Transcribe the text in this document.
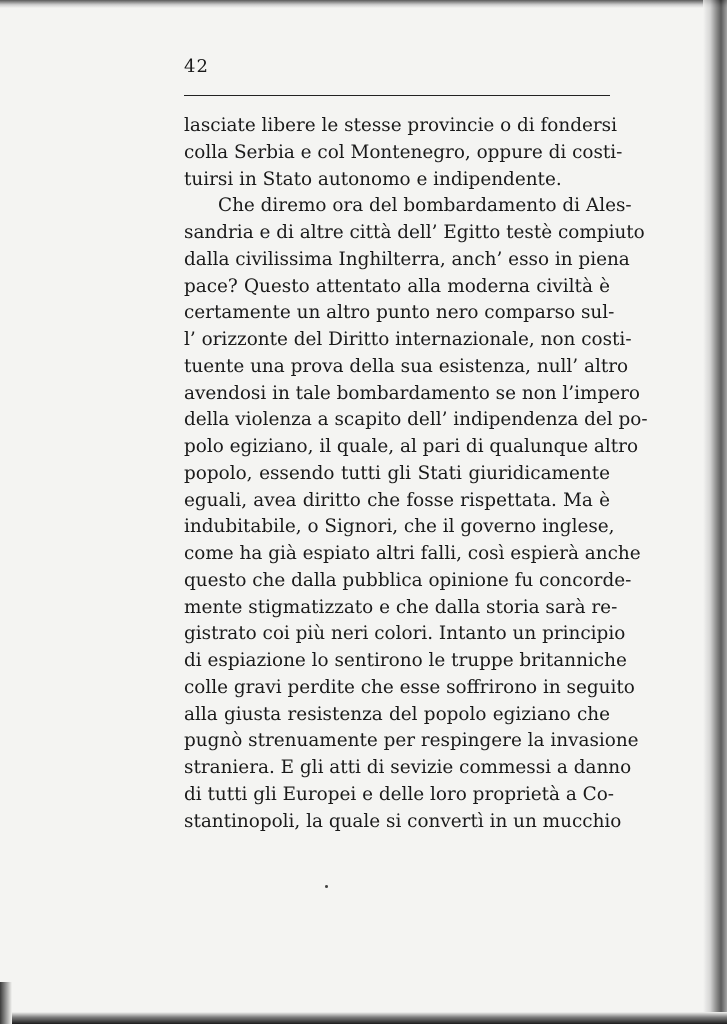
42
lasciate libere le stesse provincie o di fondersi
colla Serbia e col Montenegro, oppure di costi-
tuirsi in Stato autonomo e indipendente.
Che diremo ora del bombardamento di Ales-
sandria e di altre città dell’ Egitto testè compiuto
dalla civilissima Inghilterra, anch’ esso in piena
pace? Questo attentato alla moderna civiltà è
certamente un altro punto nero comparso sul-
l’ orizzonte del Diritto internazionale, non costi-
tuente una prova della sua esistenza, null’ altro
avendosi in tale bombardamento se non l’impero
della violenza a scapito dell’ indipendenza del po-
polo egiziano, il quale, al pari di qualunque altro
popolo, essendo tutti gli Stati giuridicamente
eguali, avea diritto che fosse rispettata. Ma è
indubitabile, o Signori, che il governo inglese,
come ha già espiato altri falli, così espierà anche
questo che dalla pubblica opinione fu concorde-
mente stigmatizzato e che dalla storia sarà re-
gistrato coi più neri colori. Intanto un principio
di espiazione lo sentirono le truppe britanniche
colle gravi perdite che esse soffrirono in seguito
alla giusta resistenza del popolo egiziano che
pugnò strenuamente per respingere la invasione
straniera. E gli atti di sevizie commessi a danno
di tutti gli Europei e delle loro proprietà a Co-
stantinopoli, la quale si convertì in un mucchio
